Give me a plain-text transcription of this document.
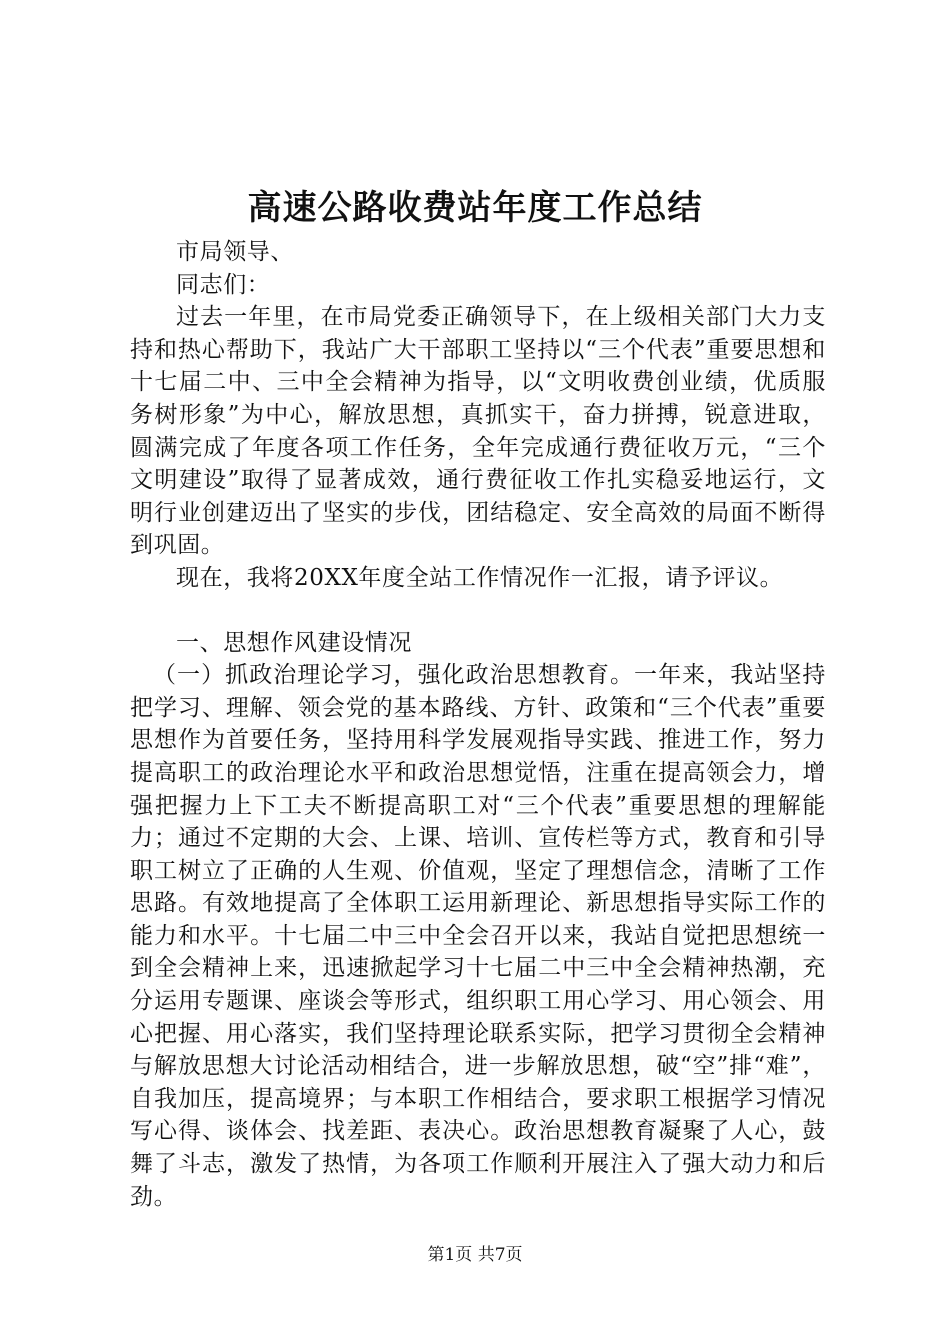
高速公路收费站年度工作总结

市局领导、

同志们：

过去一年里，在市局党委正确领导下，在上级相关部门大力支持和热心帮助下，我站广大干部职工坚持以“三个代表”重要思想和十七届二中、三中全会精神为指导，以“文明收费创业绩，优质服务树形象”为中心，解放思想，真抓实干，奋力拼搏，锐意进取，圆满完成了年度各项工作任务，全年完成通行费征收万元，“三个文明建设”取得了显著成效，通行费征收工作扎实稳妥地运行，文明行业创建迈出了坚实的步伐，团结稳定、安全高效的局面不断得到巩固。

现在，我将20XX年度全站工作情况作一汇报，请予评议。

一、思想作风建设情况

（一）抓政治理论学习，强化政治思想教育。一年来，我站坚持把学习、理解、领会党的基本路线、方针、政策和“三个代表”重要思想作为首要任务，坚持用科学发展观指导实践、推进工作，努力提高职工的政治理论水平和政治思想觉悟，注重在提高领会力，增强把握力上下工夫不断提高职工对“三个代表”重要思想的理解能力；通过不定期的大会、上课、培训、宣传栏等方式，教育和引导职工树立了正确的人生观、价值观，坚定了理想信念，清晰了工作思路。有效地提高了全体职工运用新理论、新思想指导实际工作的能力和水平。十七届二中三中全会召开以来，我站自觉把思想统一到全会精神上来，迅速掀起学习十七届二中三中全会精神热潮，充分运用专题课、座谈会等形式，组织职工用心学习、用心领会、用心把握、用心落实，我们坚持理论联系实际，把学习贯彻全会精神与解放思想大讨论活动相结合，进一步解放思想，破“空”排“难”，自我加压，提高境界；与本职工作相结合，要求职工根据学习情况写心得、谈体会、找差距、表决心。政治思想教育凝聚了人心，鼓舞了斗志，激发了热情，为各项工作顺利开展注入了强大动力和后劲。

第1页 共7页
